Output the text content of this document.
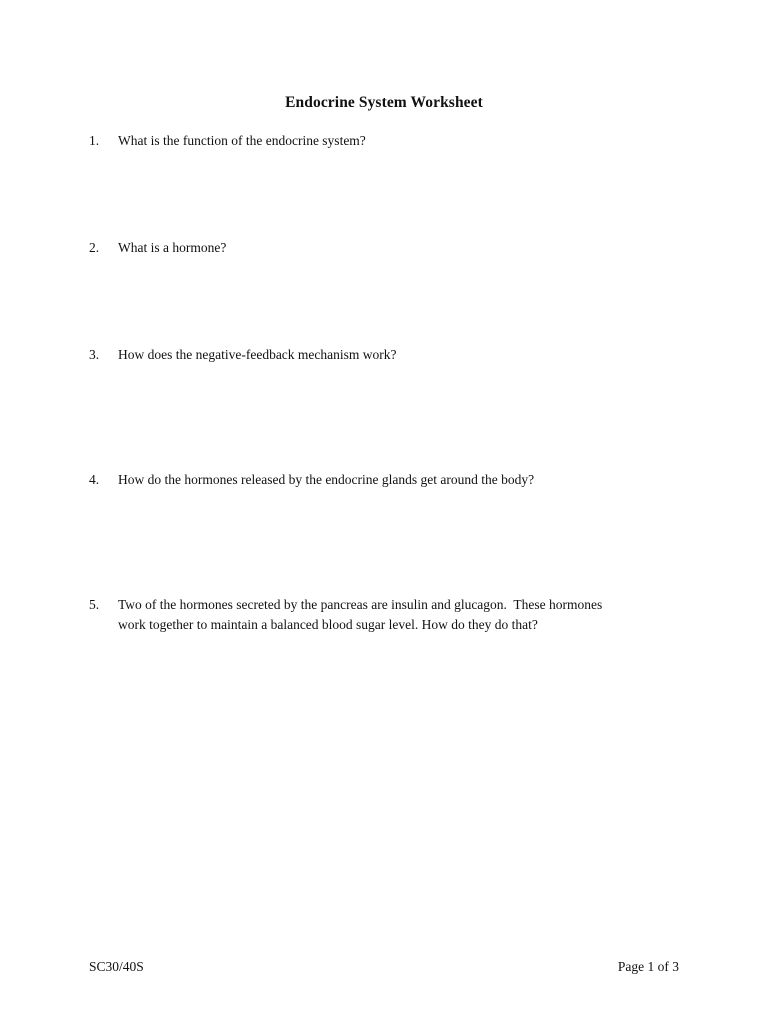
Endocrine System Worksheet
1. What is the function of the endocrine system?
2. What is a hormone?
3. How does the negative-feedback mechanism work?
4. How do the hormones released by the endocrine glands get around the body?
5. Two of the hormones secreted by the pancreas are insulin and glucagon.  These hormones
work together to maintain a balanced blood sugar level. How do they do that?
SC30/40S	Page 1 of 3
